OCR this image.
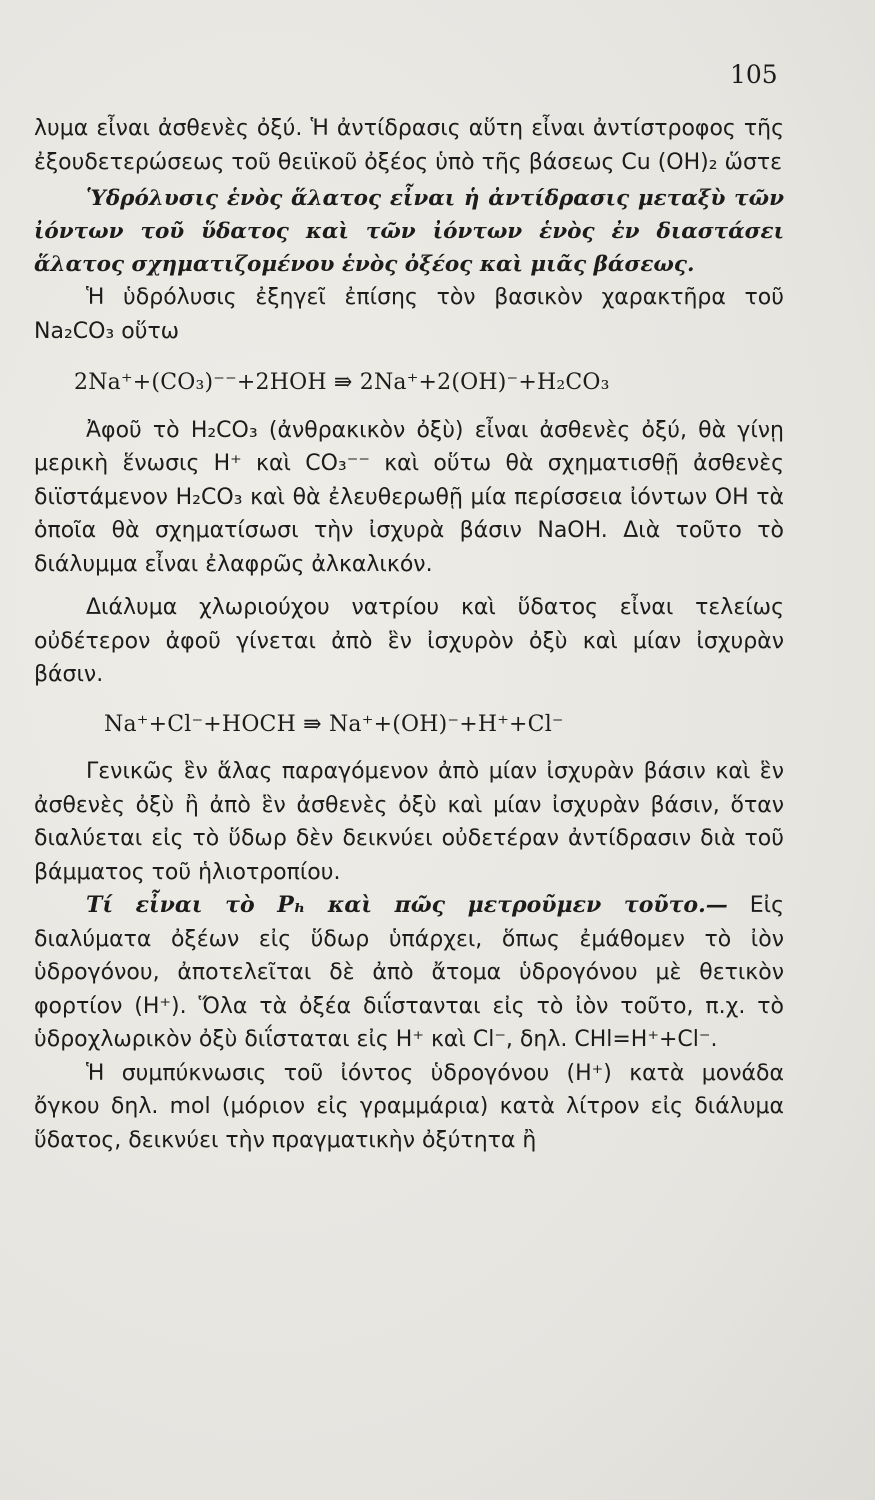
105

λυμα εἶναι ἀσθενὲς ὀξύ. Ἡ ἀντίδρασις αὕτη εἶναι ἀντίστροφος τῆς ἐξουδετερώσεως τοῦ θειϊκοῦ ὀξέος ὑπὸ τῆς βάσεως Cu (OH)₂ ὥστε

Ὑδρόλυσις ἑνὸς ἅλατος εἶναι ἡ ἀντίδρασις μεταξὺ τῶν ἰόντων τοῦ ὕδατος καὶ τῶν ἰόντων ἑνὸς ἐν διαστάσει ἅλατος σχηματιζομένου ἑνὸς ὀξέος καὶ μιᾶς βάσεως.

Ἡ ὑδρόλυσις ἐξηγεῖ ἐπίσης τὸν βασικὸν χαρακτῆρα τοῦ Na₂CO₃ οὕτω

2Na⁺+(CO₃)⁻⁻+2HOH ⇛ 2Na⁺+2(OH)⁻+H₂CO₃

Ἀφοῦ τὸ H₂CO₃ (ἀνθρακικὸν ὀξὺ) εἶναι ἀσθενὲς ὀξύ, θὰ γίνῃ μερικὴ ἕνωσις H⁺ καὶ CO₃⁻⁻ καὶ οὕτω θὰ σχηματισθῇ ἀσθενὲς διϊστάμενον H₂CO₃ καὶ θὰ ἐλευθερωθῇ μία περίσσεια ἰόντων OH τὰ ὁποῖα θὰ σχηματίσωσι τὴν ἰσχυρὰ βάσιν NaOH. Διὰ τοῦτο τὸ διάλυμμα εἶναι ἐλαφρῶς ἀλκαλικόν.

Διάλυμα χλωριούχου νατρίου καὶ ὕδατος εἶναι τελείως οὐδέτερον ἀφοῦ γίνεται ἀπὸ ἓν ἰσχυρὸν ὀξὺ καὶ μίαν ἰσχυρὰν βάσιν.

Na⁺+Cl⁻+HOCH ⇛ Na⁺+(OH)⁻+H⁺+Cl⁻

Γενικῶς ἓν ἅλας παραγόμενον ἀπὸ μίαν ἰσχυρὰν βάσιν καὶ ἓν ἀσθενὲς ὀξὺ ἢ ἀπὸ ἓν ἀσθενὲς ὀξὺ καὶ μίαν ἰσχυρὰν βάσιν, ὅταν διαλύεται εἰς τὸ ὕδωρ δὲν δεικνύει οὐδετέραν ἀντίδρασιν διὰ τοῦ βάμματος τοῦ ἡλιοτροπίου.

Τί εἶναι τὸ Pₕ καὶ πῶς μετροῦμεν τοῦτο.— Εἰς διαλύματα ὀξέων εἰς ὕδωρ ὑπάρχει, ὅπως ἐμάθομεν τὸ ἰὸν ὑδρογόνου, ἀποτελεῖται δὲ ἀπὸ ἄτομα ὑδρογόνου μὲ θετικὸν φορτίον (H⁺). Ὅλα τὰ ὀξέα διΐστανται εἰς τὸ ἰὸν τοῦτο, π.χ. τὸ ὑδροχλωρικὸν ὀξὺ διΐσταται εἰς H⁺ καὶ Cl⁻, δηλ. CHl=H⁺+Cl⁻.

Ἡ συμπύκνωσις τοῦ ἰόντος ὑδρογόνου (H⁺) κατὰ μονάδα ὄγκου δηλ. mol (μόριον εἰς γραμμάρια) κατὰ λίτρον εἰς διάλυμα ὕδατος, δεικνύει τὴν πραγματικὴν ὀξύτητα ἢ
